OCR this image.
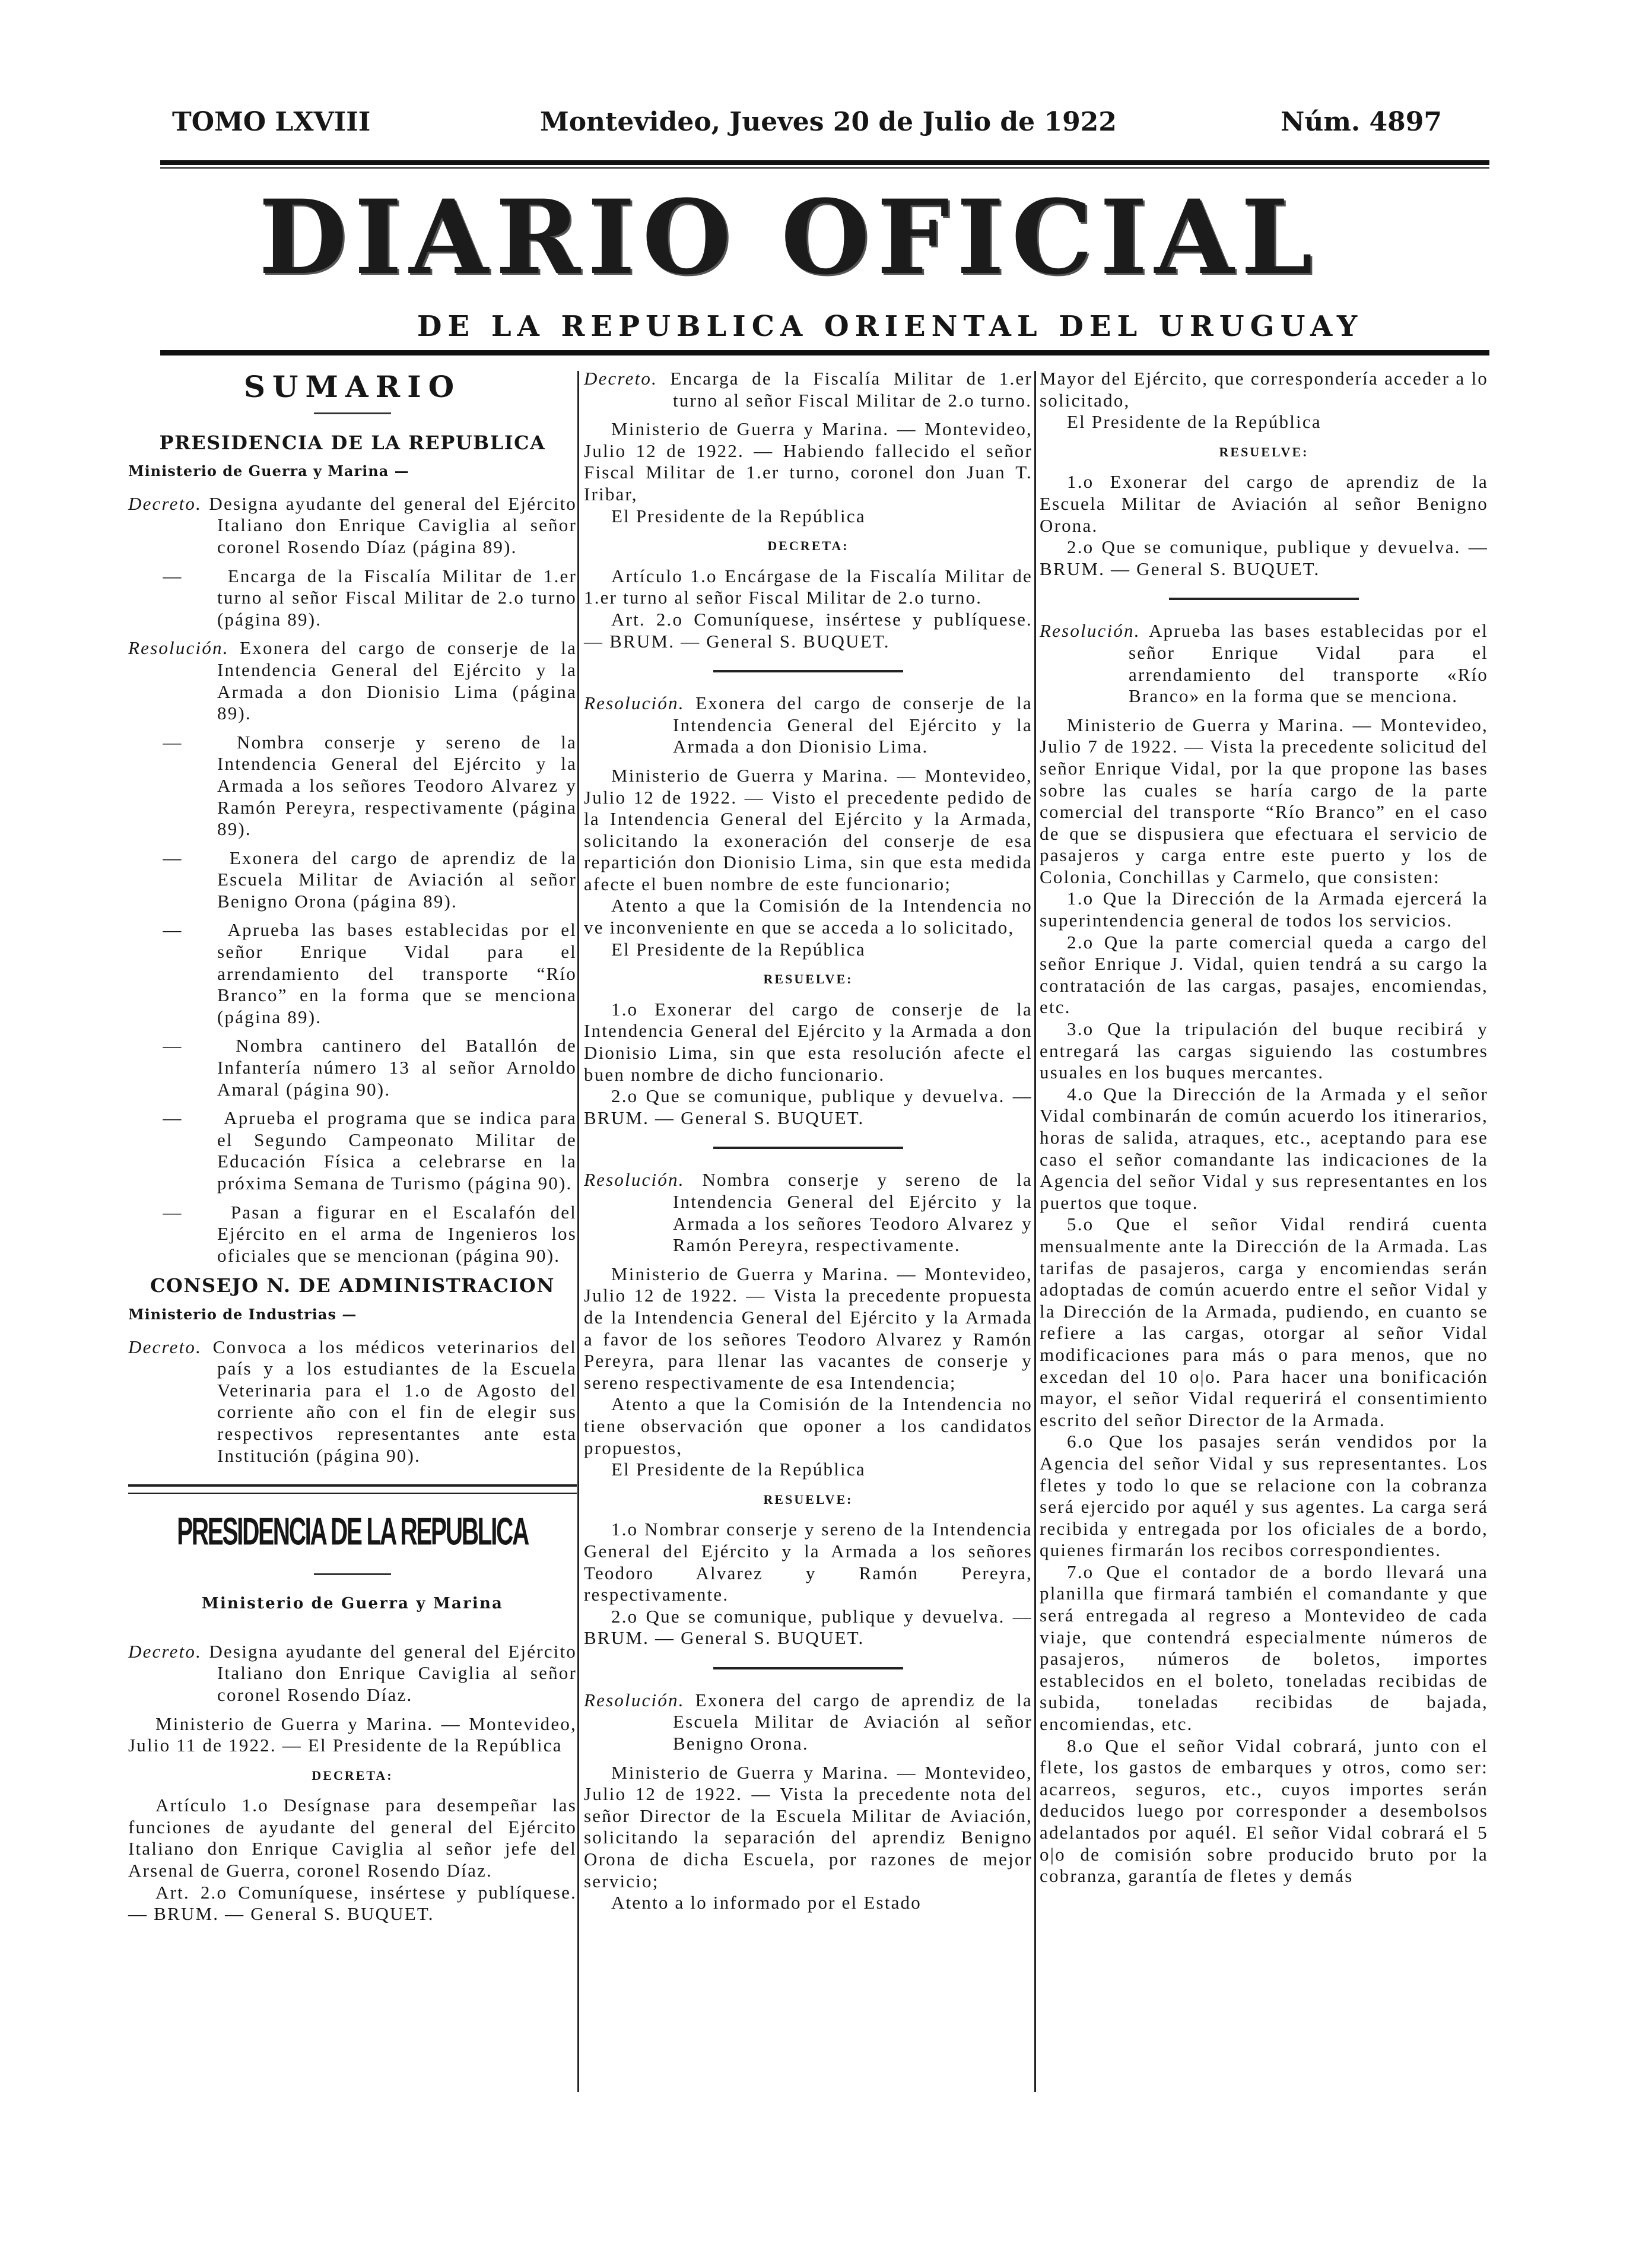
TOMO LXVIII	Montevideo, Jueves 20 de Julio de 1922	Núm. 4897
DIARIO OFICIAL
DE LA REPUBLICA ORIENTAL DEL URUGUAY
SUMARIO
PRESIDENCIA DE LA REPUBLICA
Ministerio de Guerra y Marina —
Decreto. Designa ayudante del general del Ejército Italiano don Enrique Caviglia al señor coronel Rosendo Díaz (página 89).
— Encarga de la Fiscalía Militar de 1.er turno al señor Fiscal Militar de 2.o turno (página 89).
Resolución. Exonera del cargo de conserje de la Intendencia General del Ejército y la Armada a don Dionisio Lima (página 89).
—	Nombra conserje y sereno de la Intendencia General del Ejército y la Armada a los señores Teodoro Alvarez y Ramón Pereyra, respectivamente (página 89).
—	Exonera del cargo de aprendiz de la Escuela Militar de Aviación al señor Benigno Orona (página 89).
— Aprueba las bases establecidas por el señor Enrique Vidal para el arrendamiento del transporte “Río Branco” en la forma que se menciona (página 89).
—	Nombra cantinero del Batallón de Infantería número 13 al señor Arnoldo Amaral (página 90).
— Aprueba el programa que se indica para el Segundo Campeonato Militar de Educación Física a celebrarse en la próxima Semana de Turismo (página 90).
—	Pasan a figurar en el Escalafón del Ejército en el arma de Ingenieros los oficiales que se mencionan (página 90).
CONSEJO N. DE ADMINISTRACION
Ministerio de Industrias —
Decreto. Convoca a los médicos veterinarios del país y a los estudiantes de la Escuela Veterinaria para el 1.o de Agosto del corriente año con el fin de elegir sus respectivos representantes ante esta Institución (página 90).
PRESIDENCIA DE LA REPUBLICA
Ministerio de Guerra y Marina
Decreto. Designa ayudante del general del Ejército Italiano don Enrique Caviglia al señor coronel Rosendo Díaz.
Ministerio de Guerra y Marina. — Montevideo, Julio 11 de 1922. — El Presidente de la República
DECRETA:
Artículo 1.o Desígnase para desempeñar las funciones de ayudante del general del Ejército Italiano don Enrique Caviglia al señor jefe del Arsenal de Guerra, coronel Rosendo Díaz.
Art. 2.o Comuníquese, insértese y publíquese. — BRUM. — General S. BUQUET.
Decreto. Encarga de la Fiscalía Militar de 1.er turno al señor Fiscal Militar de 2.o turno.
Ministerio de Guerra y Marina. — Montevideo, Julio 12 de 1922. — Habiendo fallecido el señor Fiscal Militar de 1.er turno, coronel don Juan T. Iribar,
El Presidente de la República
DECRETA:
Artículo 1.o Encárgase de la Fiscalía Militar de 1.er turno al señor Fiscal Militar de 2.o turno.
Art. 2.o Comuníquese, insértese y publíquese. — BRUM. — General S. BUQUET.
Resolución. Exonera del cargo de conserje de la Intendencia General del Ejército y la Armada a don Dionisio Lima.
Ministerio de Guerra y Marina. — Montevideo, Julio 12 de 1922. — Visto el precedente pedido de la Intendencia General del Ejército y la Armada, solicitando la exoneración del conserje de esa repartición don Dionisio Lima, sin que esta medida afecte el buen nombre de este funcionario;
Atento a que la Comisión de la Intendencia no ve inconveniente en que se acceda a lo solicitado,
El Presidente de la República
RESUELVE:
1.o Exonerar del cargo de conserje de la Intendencia General del Ejército y la Armada a don Dionisio Lima, sin que esta resolución afecte el buen nombre de dicho funcionario.
2.o Que se comunique, publique y devuelva. — BRUM. — General S. BUQUET.
Resolución. Nombra conserje y sereno de la Intendencia General del Ejército y la Armada a los señores Teodoro Alvarez y Ramón Pereyra, respectivamente.
Ministerio de Guerra y Marina. — Montevideo, Julio 12 de 1922. — Vista la precedente propuesta de la Intendencia General del Ejército y la Armada a favor de los señores Teodoro Alvarez y Ramón Pereyra, para llenar las vacantes de conserje y sereno respectivamente de esa Intendencia;
Atento a que la Comisión de la Intendencia no tiene observación que oponer a los candidatos propuestos,
El Presidente de la República
RESUELVE:
1.o Nombrar conserje y sereno de la Intendencia General del Ejército y la Armada a los señores Teodoro Alvarez y Ramón Pereyra, respectivamente.
2.o Que se comunique, publique y devuelva. — BRUM. — General S. BUQUET.
Resolución. Exonera del cargo de aprendiz de la Escuela Militar de Aviación al señor Benigno Orona.
Ministerio de Guerra y Marina. — Montevideo, Julio 12 de 1922. — Vista la precedente nota del señor Director de la Escuela Militar de Aviación, solicitando la separación del aprendiz Benigno Orona de dicha Escuela, por razones de mejor servicio;
Atento a lo informado por el Estado
Mayor del Ejército, que correspondería acceder a lo solicitado,
El Presidente de la República
RESUELVE:
1.o Exonerar del cargo de aprendiz de la Escuela Militar de Aviación al señor Benigno Orona.
2.o Que se comunique, publique y devuelva. — BRUM. — General S. BUQUET.
Resolución. Aprueba las bases establecidas por el señor Enrique Vidal para el arrendamiento del transporte «Río Branco» en la forma que se menciona.
Ministerio de Guerra y Marina. — Montevideo, Julio 7 de 1922. — Vista la precedente solicitud del señor Enrique Vidal, por la que propone las bases sobre las cuales se haría cargo de la parte comercial del transporte “Río Branco” en el caso de que se dispusiera que efectuara el servicio de pasajeros y carga entre este puerto y los de Colonia, Conchillas y Carmelo, que consisten:
1.o Que la Dirección de la Armada ejercerá la superintendencia general de todos los servicios.
2.o Que la parte comercial queda a cargo del señor Enrique J. Vidal, quien tendrá a su cargo la contratación de las cargas, pasajes, encomiendas, etc.
3.o Que la tripulación del buque recibirá y entregará las cargas siguiendo las costumbres usuales en los buques mercantes.
4.o Que la Dirección de la Armada y el señor Vidal combinarán de común acuerdo los itinerarios, horas de salida, atraques, etc., aceptando para ese caso el señor comandante las indicaciones de la Agencia del señor Vidal y sus representantes en los puertos que toque.
5.o Que el señor Vidal rendirá cuenta mensualmente ante la Dirección de la Armada. Las tarifas de pasajeros, carga y encomiendas serán adoptadas de común acuerdo entre el señor Vidal y la Dirección de la Armada, pudiendo, en cuanto se refiere a las cargas, otorgar al señor Vidal modificaciones para más o para menos, que no excedan del 10 o|o. Para hacer una bonificación mayor, el señor Vidal requerirá el consentimiento escrito del señor Director de la Armada.
6.o Que los pasajes serán vendidos por la Agencia del señor Vidal y sus representantes. Los fletes y todo lo que se relacione con la cobranza será ejercido por aquél y sus agentes. La carga será recibida y entregada por los oficiales de a bordo, quienes firmarán los recibos correspondientes.
7.o Que el contador de a bordo llevará una planilla que firmará también el comandante y que será entregada al regreso a Montevideo de cada viaje, que contendrá especialmente números de pasajeros, números de boletos, importes establecidos en el boleto, toneladas recibidas de subida, toneladas recibidas de bajada, encomiendas, etc.
8.o Que el señor Vidal cobrará, junto con el flete, los gastos de embarques y otros, como ser: acarreos, seguros, etc., cuyos importes serán deducidos luego por corresponder a desembolsos adelantados por aquél. El señor Vidal cobrará el 5 o|o de comisión sobre producido bruto por la cobranza, garantía de fletes y demás
